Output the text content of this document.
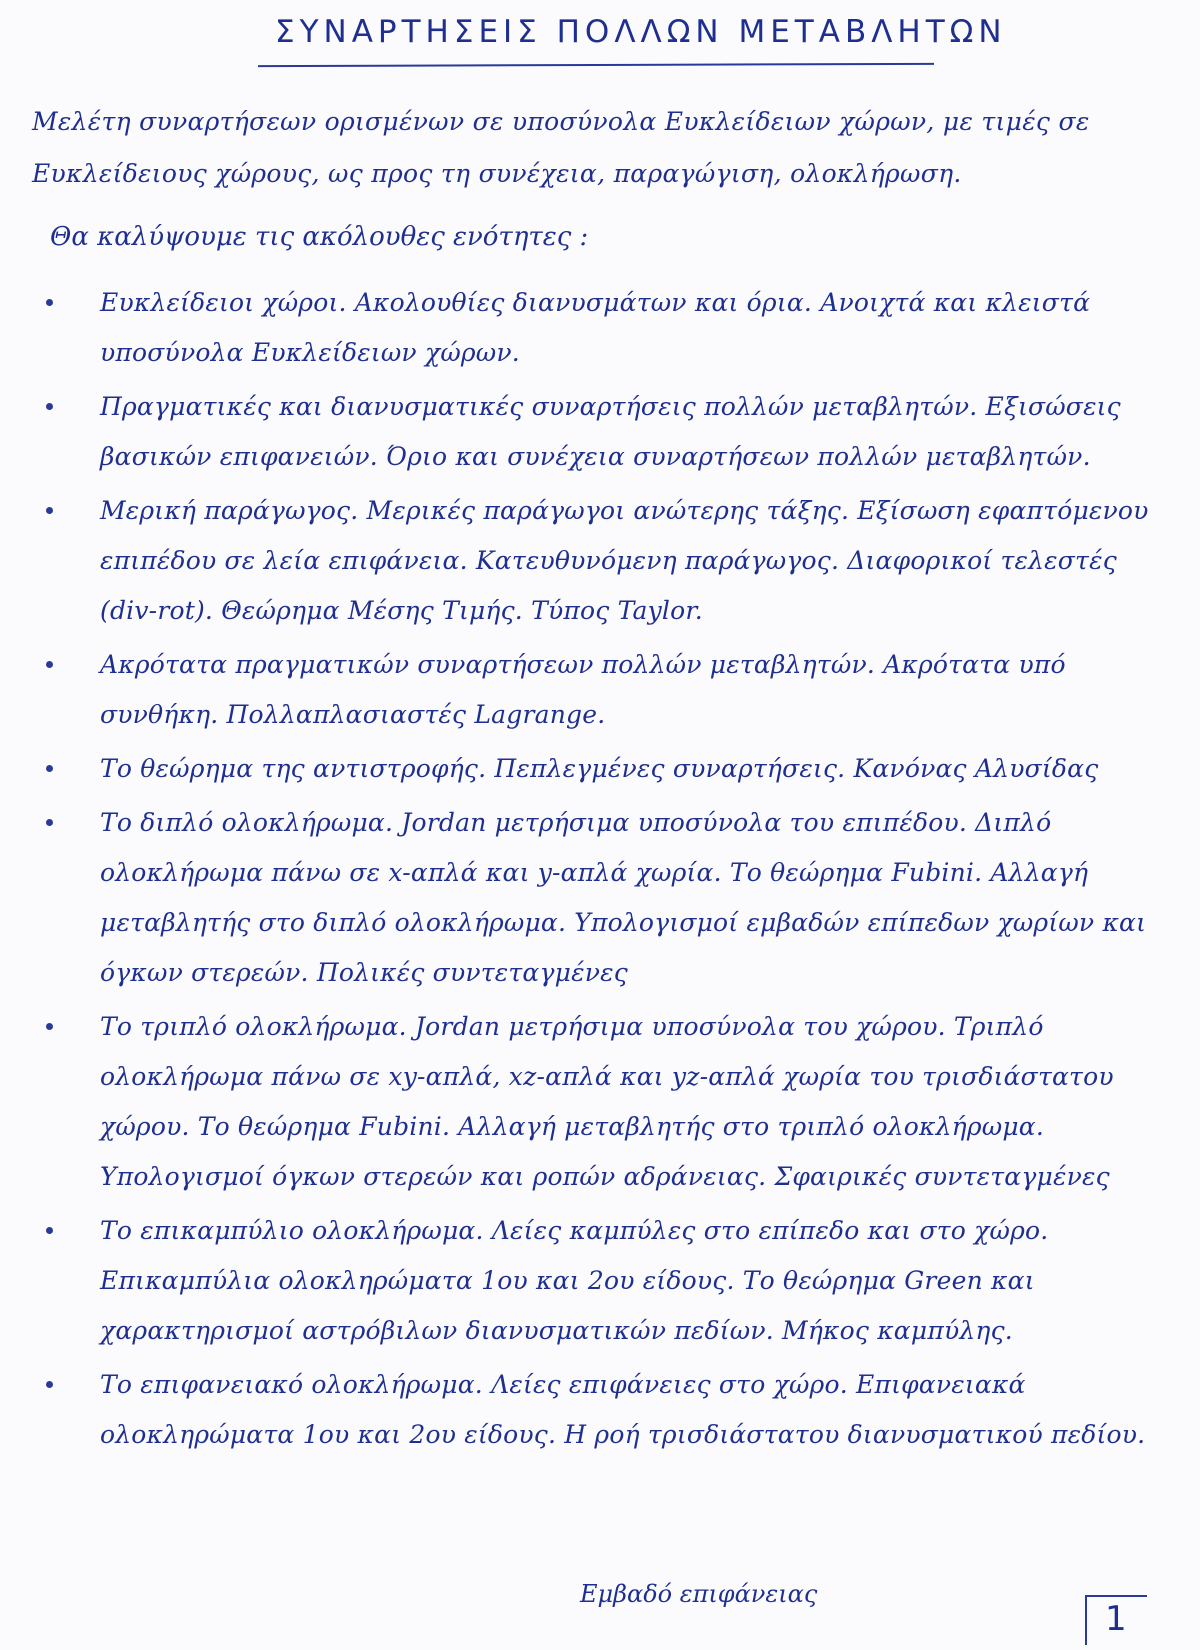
ΣΥΝΑΡΤΗΣΕΙΣ ΠΟΛΛΩΝ ΜΕΤΑΒΛΗΤΩΝ

Μελέτη συναρτήσεων ορισμένων σε υποσύνολα Ευκλείδειων χώρων, με τιμές σε Ευκλείδειους χώρους, ως προς τη συνέχεια, παραγώγιση, ολοκλήρωση.

Θα καλύψουμε τις ακόλουθες ενότητες :
Ευκλείδειοι χώροι. Ακολουθίες διανυσμάτων και όρια. Ανοιχτά και κλειστά υποσύνολα Ευκλείδειων χώρων.
Πραγματικές και διανυσματικές συναρτήσεις πολλών μεταβλητών. Εξισώσεις βασικών επιφανειών. Όριο και συνέχεια συναρτήσεων πολλών μεταβλητών.
Μερική παράγωγος. Μερικές παράγωγοι ανώτερης τάξης. Εξίσωση εφαπτόμενου επιπέδου σε λεία επιφάνεια. Κατευθυνόμενη παράγωγος. Διαφορικοί τελεστές (div-rot). Θεώρημα Μέσης Τιμής. Τύπος Taylor.
Ακρότατα πραγματικών συναρτήσεων πολλών μεταβλητών. Ακρότατα υπό συνθήκη. Πολλαπλασιαστές Lagrange.
Το θεώρημα της αντιστροφής. Πεπλεγμένες συναρτήσεις. Κανόνας Αλυσίδας
Το διπλό ολοκλήρωμα. Jordan μετρήσιμα υποσύνολα του επιπέδου. Διπλό ολοκλήρωμα πάνω σε x-απλά και y-απλά χωρία. Το θεώρημα Fubini. Αλλαγή μεταβλητής στο διπλό ολοκλήρωμα. Υπολογισμοί εμβαδών επίπεδων χωρίων και όγκων στερεών. Πολικές συντεταγμένες
Το τριπλό ολοκλήρωμα. Jordan μετρήσιμα υποσύνολα του χώρου. Τριπλό ολοκλήρωμα πάνω σε xy-απλά, xz-απλά και yz-απλά χωρία του τρισδιάστατου χώρου. Το θεώρημα Fubini. Αλλαγή μεταβλητής στο τριπλό ολοκλήρωμα. Υπολογισμοί όγκων στερεών και ροπών αδράνειας. Σφαιρικές συντεταγμένες
Το επικαμπύλιο ολοκλήρωμα. Λείες καμπύλες στο επίπεδο και στο χώρο. Επικαμπύλια ολοκληρώματα 1ου και 2ου είδους. Το θεώρημα Green και χαρακτηρισμοί αστρόβιλων διανυσματικών πεδίων. Μήκος καμπύλης.
Το επιφανειακό ολοκλήρωμα. Λείες επιφάνειες στο χώρο. Επιφανειακά ολοκληρώματα 1ου και 2ου είδους. Η ροή τρισδιάστατου διανυσματικού πεδίου.
Εμβαδό επιφάνειας
1
